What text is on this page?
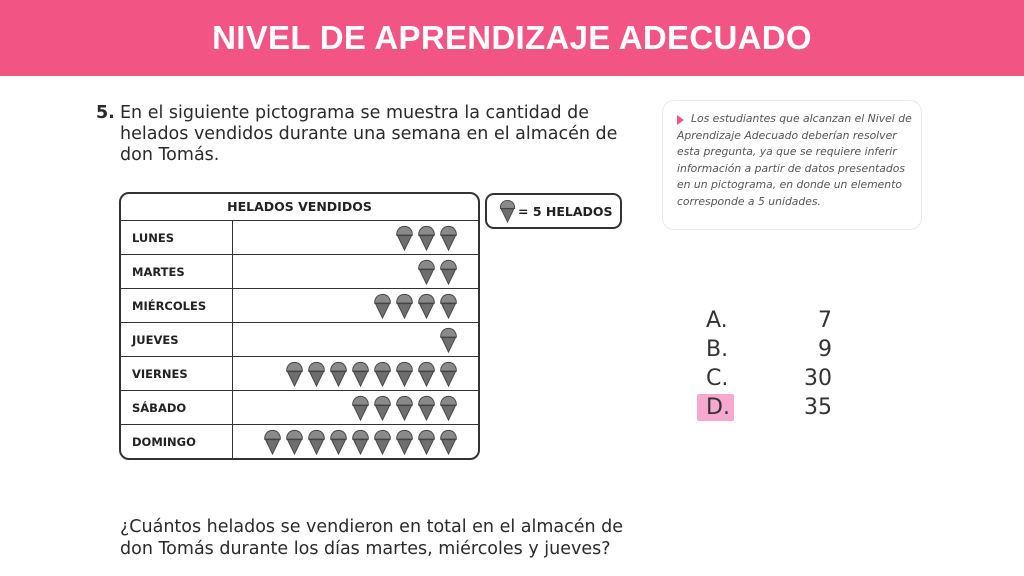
NIVEL DE APRENDIZAJE ADECUADO
5. En el siguiente pictograma se muestra la cantidad de helados vendidos durante una semana en el almacén de don Tomás.
HELADOS VENDIDOS
LUNES
MARTES
MIÉRCOLES
JUEVES
VIERNES
SÁBADO
DOMINGO
= 5 HELADOS
Los estudiantes que alcanzan el Nivel de Aprendizaje Adecuado deberían resolver esta pregunta, ya que se requiere inferir información a partir de datos presentados en un pictograma, en donde un elemento corresponde a 5 unidades.
A.	7
B.	9
C.	30
D.	35
¿Cuántos helados se vendieron en total en el almacén de don Tomás durante los días martes, miércoles y jueves?
